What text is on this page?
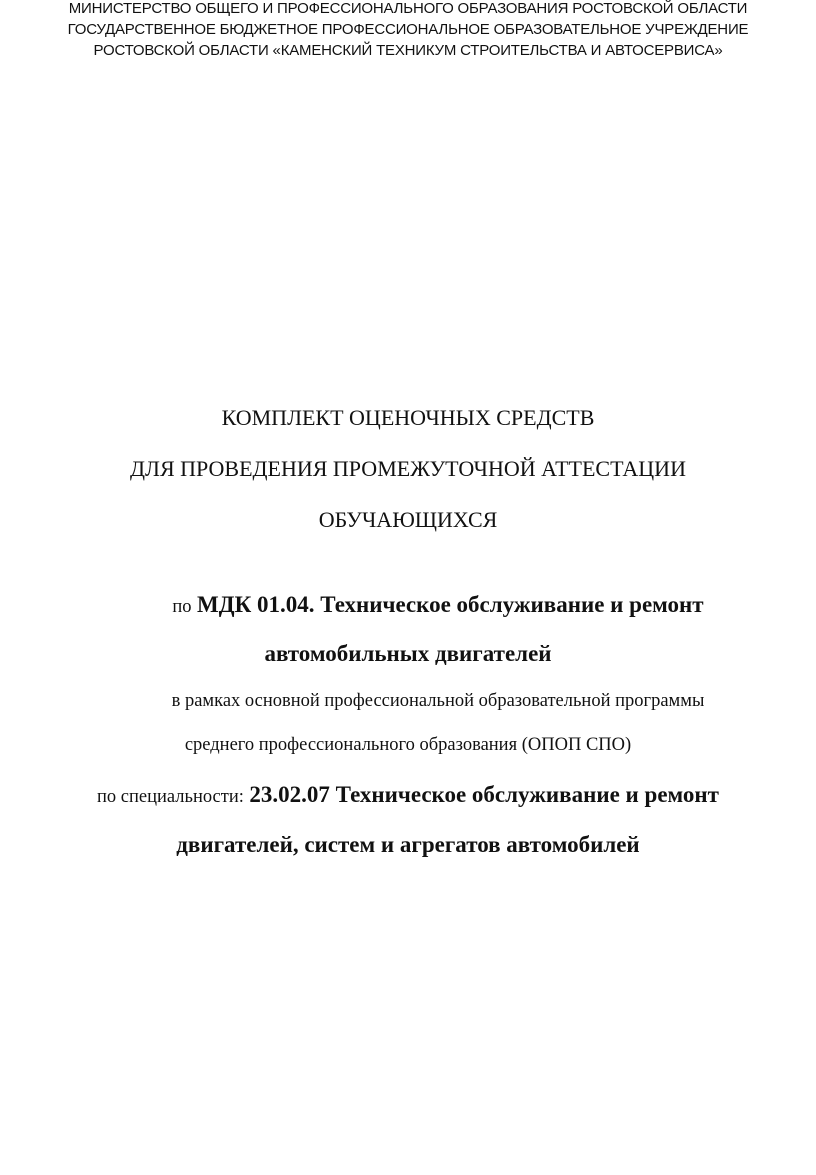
МИНИСТЕРСТВО ОБЩЕГО И ПРОФЕССИОНАЛЬНОГО ОБРАЗОВАНИЯ РОСТОВСКОЙ ОБЛАСТИ
ГОСУДАРСТВЕННОЕ БЮДЖЕТНОЕ ПРОФЕССИОНАЛЬНОЕ ОБРАЗОВАТЕЛЬНОЕ УЧРЕЖДЕНИЕ
РОСТОВСКОЙ ОБЛАСТИ «КАМЕНСКИЙ ТЕХНИКУМ СТРОИТЕЛЬСТВА И АВТОСЕРВИСА»
КОМПЛЕКТ ОЦЕНОЧНЫХ СРЕДСТВ
ДЛЯ ПРОВЕДЕНИЯ ПРОМЕЖУТОЧНОЙ АТТЕСТАЦИИ
ОБУЧАЮЩИХСЯ
по МДК 01.04. Техническое обслуживание и ремонт
автомобильных двигателей
в рамках основной профессиональной образовательной программы
среднего профессионального образования (ОПОП СПО)
по специальности: 23.02.07 Техническое обслуживание и ремонт
двигателей, систем и агрегатов автомобилей
